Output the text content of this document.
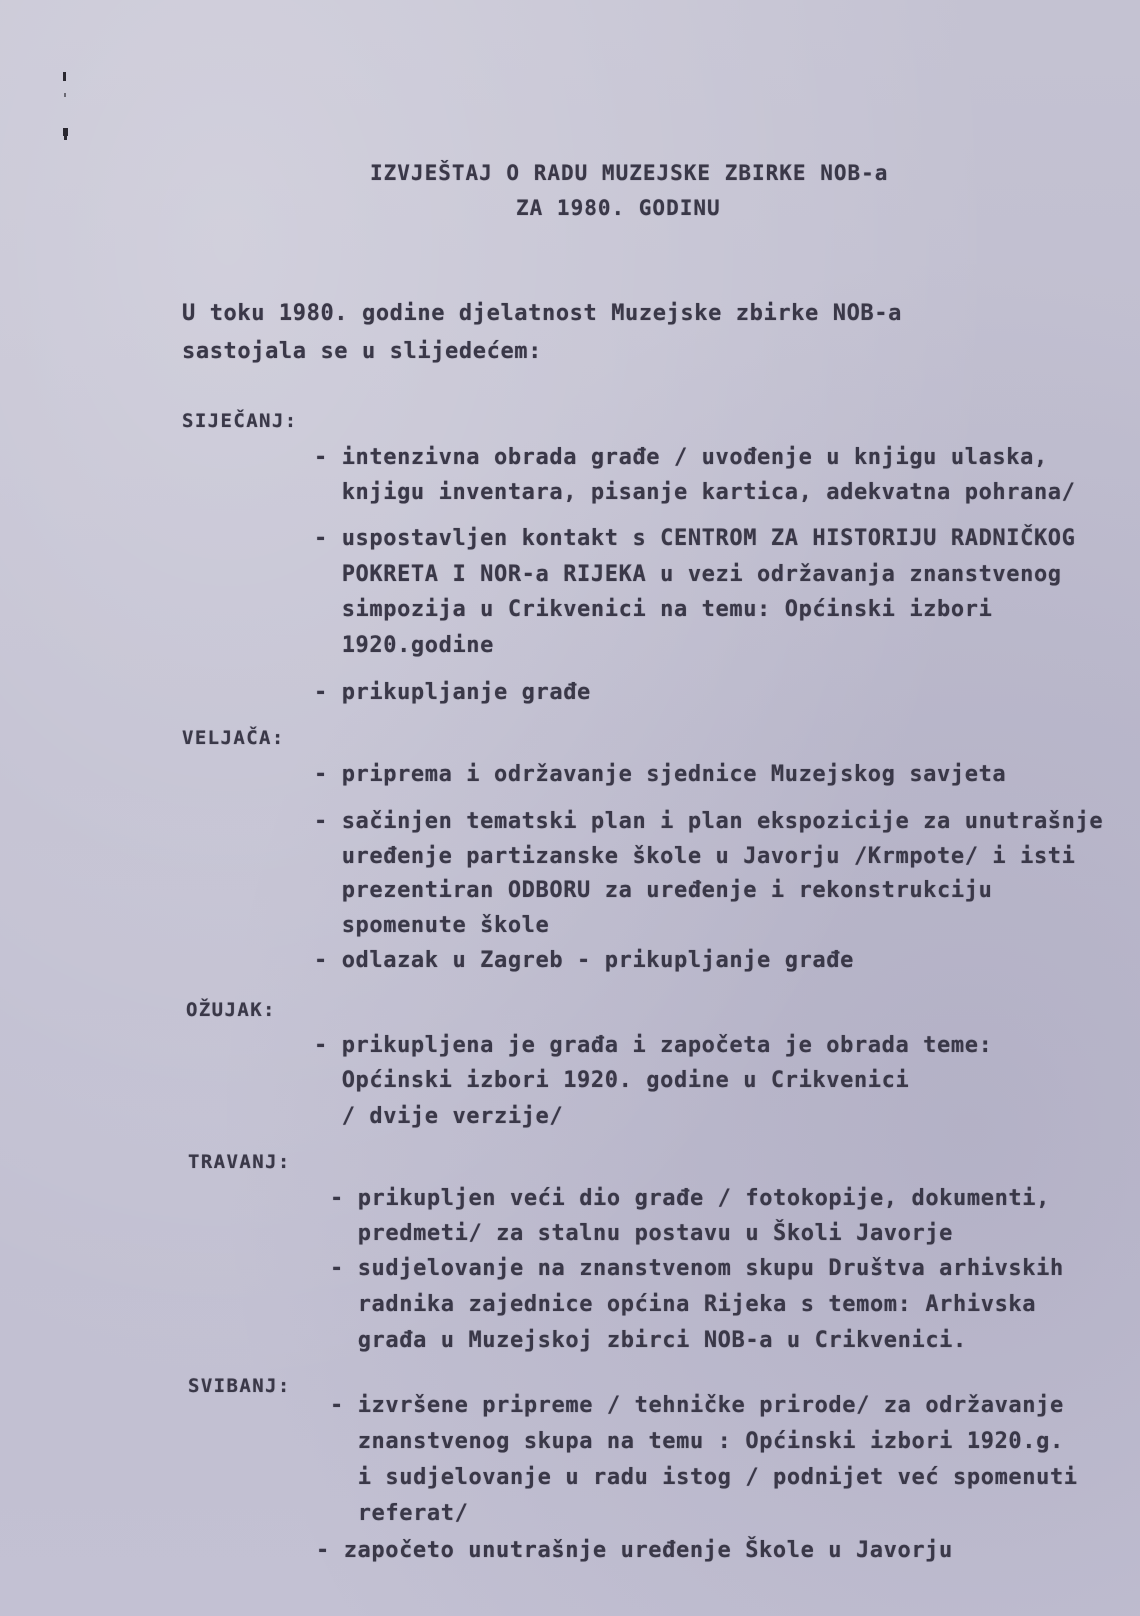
IZVJEŠTAJ O RADU MUZEJSKE ZBIRKE NOB-a
ZA 1980. GODINU
U toku 1980. godine djelatnost Muzejske zbirke NOB-a
sastojala se u slijedećem:
SIJEČANJ:
- intenzivna obrada građe / uvođenje u knjigu ulaska,
knjigu inventara, pisanje kartica, adekvatna pohrana/
- uspostavljen kontakt s CENTROM ZA HISTORIJU RADNIČKOG
POKRETA I NOR-a RIJEKA u vezi održavanja znanstvenog
simpozija u Crikvenici na temu: Općinski izbori
1920.godine
- prikupljanje građe
VELJAČA:
- priprema i održavanje sjednice Muzejskog savjeta
- sačinjen tematski plan i plan ekspozicije za unutrašnje
uređenje partizanske škole u Javorju /Krmpote/ i isti
prezentiran ODBORU za uređenje i rekonstrukciju
spomenute škole
- odlazak u Zagreb - prikupljanje građe
OŽUJAK:
- prikupljena je građa i započeta je obrada teme:
Općinski izbori 1920. godine u Crikvenici
/ dvije verzije/
TRAVANJ:
- prikupljen veći dio građe / fotokopije, dokumenti,
predmeti/ za stalnu postavu u Školi Javorje
- sudjelovanje na znanstvenom skupu Društva arhivskih
radnika zajednice općina Rijeka s temom: Arhivska
građa u Muzejskoj zbirci NOB-a u Crikvenici.
SVIBANJ:
- izvršene pripreme / tehničke prirode/ za održavanje
znanstvenog skupa na temu : Općinski izbori 1920.g.
i sudjelovanje u radu istog / podnijet već spomenuti
referat/
- započeto unutrašnje uređenje Škole u Javorju
